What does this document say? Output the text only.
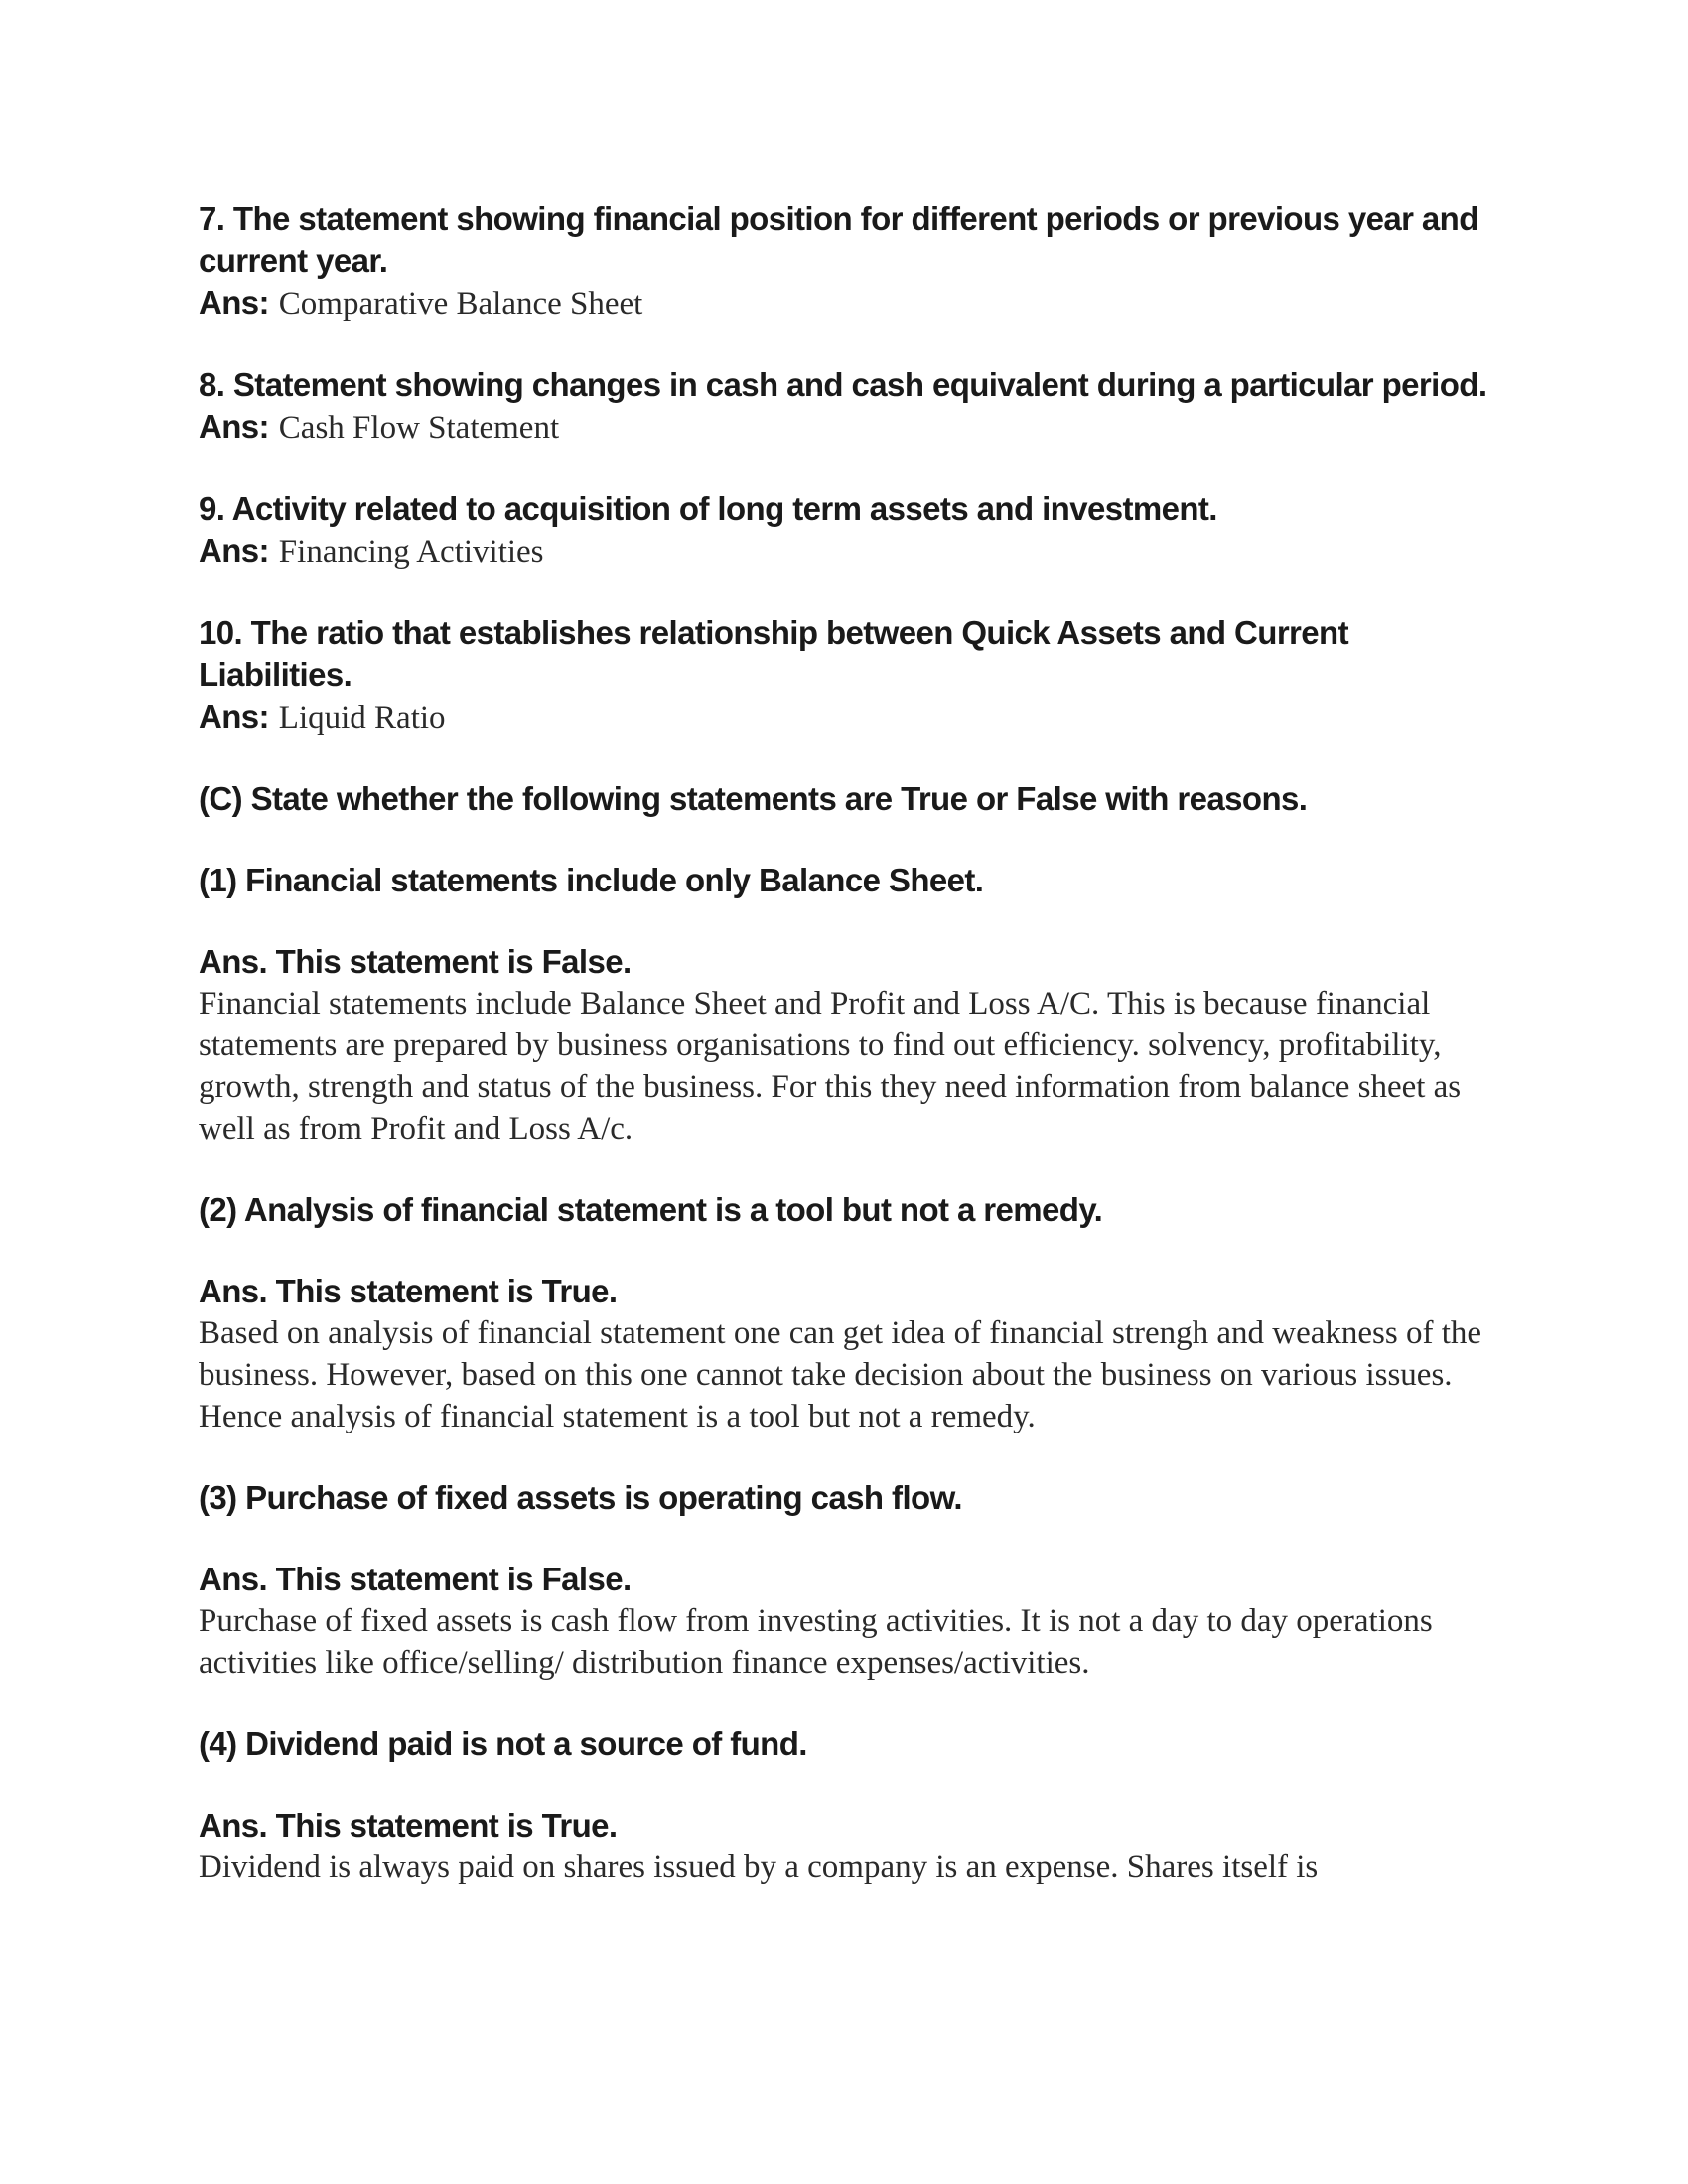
7. The statement showing financial position for different periods or previous year and current year.

Ans: Comparative Balance Sheet

8. Statement showing changes in cash and cash equivalent during a particular period.

Ans: Cash Flow Statement

9. Activity related to acquisition of long term assets and investment.

Ans: Financing Activities

10. The ratio that establishes relationship between Quick Assets and Current Liabilities.

Ans: Liquid Ratio

(C) State whether the following statements are True or False with reasons.

(1) Financial statements include only Balance Sheet.

Ans. This statement is False.

Financial statements include Balance Sheet and Profit and Loss A/C. This is because financial statements are prepared by business organisations to find out efficiency. solvency, profitability, growth, strength and status of the business. For this they need information from balance sheet as well as from Profit and Loss A/c.

(2) Analysis of financial statement is a tool but not a remedy.

Ans. This statement is True.

Based on analysis of financial statement one can get idea of financial strengh and weakness of the business. However, based on this one cannot take decision about the business on various issues. Hence analysis of financial statement is a tool but not a remedy.

(3) Purchase of fixed assets is operating cash flow.

Ans. This statement is False.

Purchase of fixed assets is cash flow from investing activities. It is not a day to day operations activities like office/selling/ distribution finance expenses/activities.

(4) Dividend paid is not a source of fund.

Ans. This statement is True.

Dividend is always paid on shares issued by a company is an expense. Shares itself is
